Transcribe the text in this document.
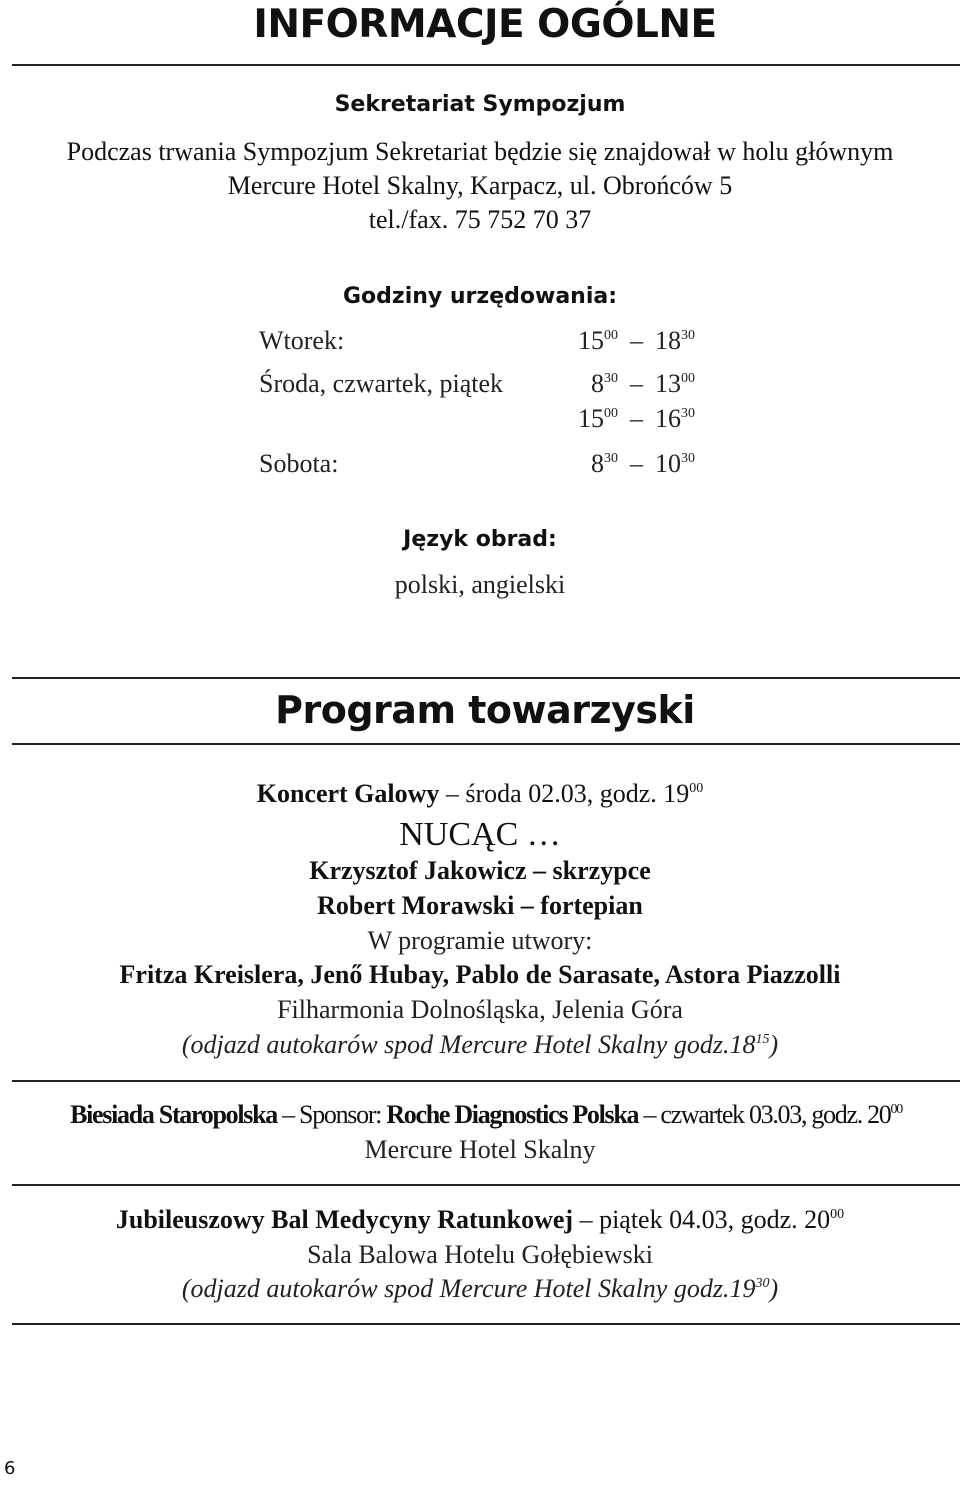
INFORMACJE OGÓLNE
Sekretariat Sympozjum
Podczas trwania Sympozjum Sekretariat będzie się znajdował w holu głównym
Mercure Hotel Skalny, Karpacz, ul. Obrońców 5
tel./fax. 75 752 70 37
Godziny urzędowania:
Wtorek:	$15^{00} - 18^{30}$
Środa, czwartek, piątek	$8^{30} - 13^{00}$
$15^{00} - 16^{30}$
Sobota:	$8^{30} - 10^{30}$
Język obrad:
polski, angielski
Program towarzyski
Koncert Galowy – środa 02.03, godz. $19^{00}$
NUCĄC …
Krzysztof Jakowicz – skrzypce
Robert Morawski – fortepian
W programie utwory:
Fritza Kreislera, Jenő Hubay, Pablo de Sarasate, Astora Piazzolli
Filharmonia Dolnośląska, Jelenia Góra
(odjazd autokarów spod Mercure Hotel Skalny $godz.18^{15}$)
Biesiada Staropolska – Sponsor: Roche Diagnostics Polska – czwartek 03.03, godz. $20^{00}$
Mercure Hotel Skalny
Jubileuszowy Bal Medycyny Ratunkowej – piątek 04.03, godz. $20^{00}$
Sala Balowa Hotelu Gołębiewski
(odjazd autokarów spod Mercure Hotel Skalny $godz.19^{30}$)
6
